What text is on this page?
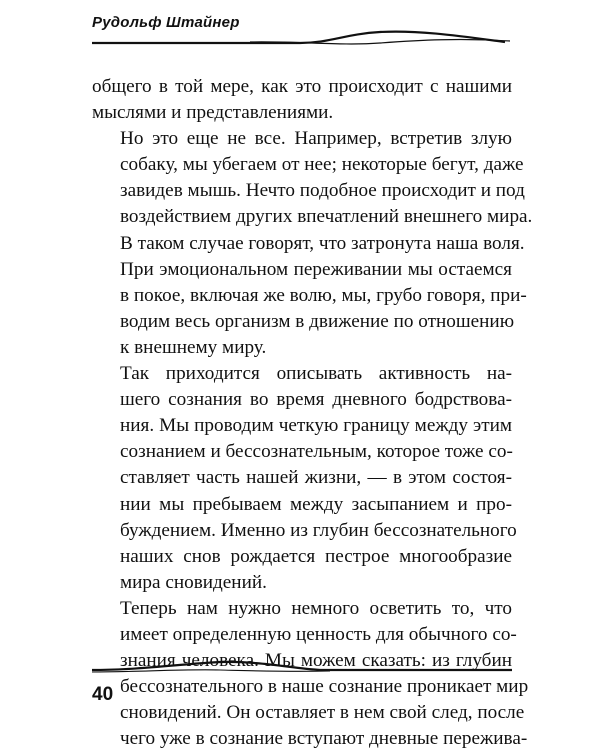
Рудольф Штайнер
общего в той мере, как это происходит с нашими
мыслями и представлениями.
Но это еще не все. Например, встретив злую
собаку, мы убегаем от нее; некоторые бегут, даже
завидев мышь. Нечто подобное происходит и под
воздействием других впечатлений внешнего мира.
В таком случае говорят, что затронута наша воля.
При эмоциональном переживании мы остаемся
в покое, включая же волю, мы, грубо говоря, при-
водим весь организм в движение по отношению
к внешнему миру.
Так приходится описывать активность на-
шего сознания во время дневного бодрствова-
ния. Мы проводим четкую границу между этим
сознанием и бессознательным, которое тоже со-
ставляет часть нашей жизни, — в этом состоя-
нии мы пребываем между засыпанием и про-
буждением. Именно из глубин бессознательного
наших снов рождается пестрое многообразие
мира сновидений.
Теперь нам нужно немного осветить то, что
имеет определенную ценность для обычного со-
знания человека. Мы можем сказать: из глубин
бессознательного в наше сознание проникает мир
сновидений. Он оставляет в нем свой след, после
чего уже в сознание вступают дневные пережива-
40
